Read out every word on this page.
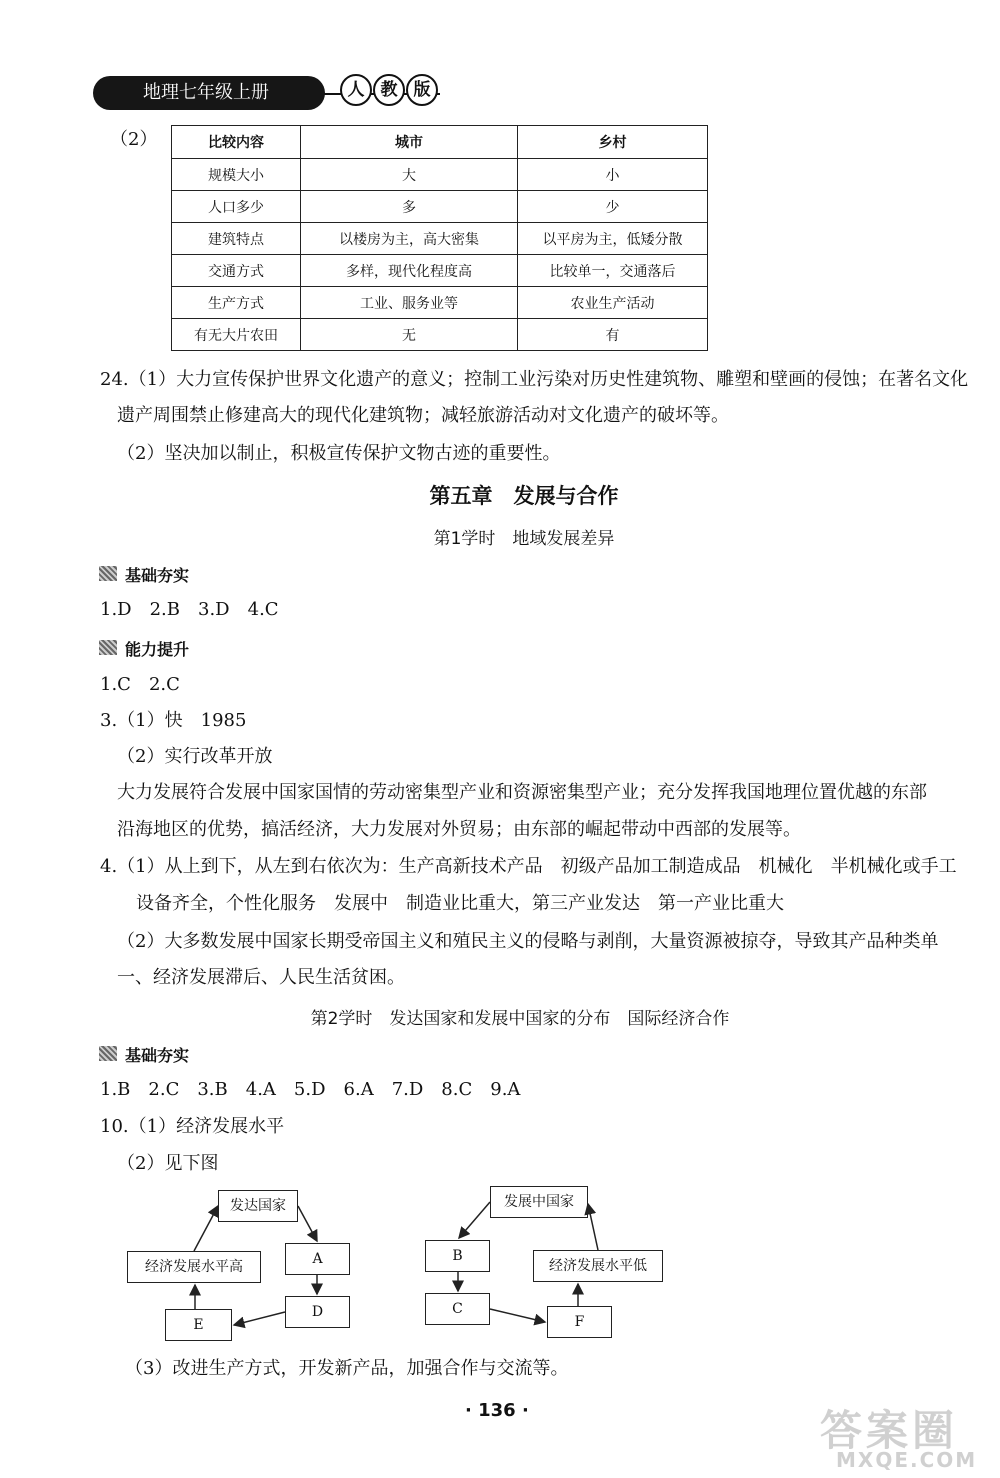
地理七年级上册	人 教 版
（2）	比较内容	城市	乡村
规模大小	大	小
人口多少	多	少
建筑特点	以楼房为主，高大密集	以平房为主，低矮分散
交通方式	多样，现代化程度高	比较单一，交通落后
生产方式	工业、服务业等	农业生产活动
有无大片农田	无	有
24.（1）大力宣传保护世界文化遗产的意义；控制工业污染对历史性建筑物、雕塑和壁画的侵蚀；在著名文化
遗产周围禁止修建高大的现代化建筑物；减轻旅游活动对文化遗产的破坏等。
（2）坚决加以制止，积极宣传保护文物古迹的重要性。
第五章　发展与合作
第1学时　地域发展差异
基础夯实
1.D　2.B　3.D　4.C
能力提升
1.C　2.C
3.（1）快　1985
（2）实行改革开放
大力发展符合发展中国家国情的劳动密集型产业和资源密集型产业；充分发挥我国地理位置优越的东部
沿海地区的优势，搞活经济，大力发展对外贸易；由东部的崛起带动中西部的发展等。
4.（1）从上到下，从左到右依次为：生产高新技术产品　初级产品加工制造成品　机械化　半机械化或手工
设备齐全，个性化服务　发展中　制造业比重大，第三产业发达　第一产业比重大
（2）大多数发展中国家长期受帝国主义和殖民主义的侵略与剥削，大量资源被掠夺，导致其产品种类单
一、经济发展滞后、人民生活贫困。
第2学时　发达国家和发展中国家的分布　国际经济合作
基础夯实
1.B　2.C　3.B　4.A　5.D　6.A　7.D　8.C　9.A
10.（1）经济发展水平
（2）见下图
发达国家
A
经济发展水平高
D
E
发展中国家
B
经济发展水平低
C
F
（3）改进生产方式，开发新产品，加强合作与交流等。
· 136 ·	答案圈
MXQE.COM
